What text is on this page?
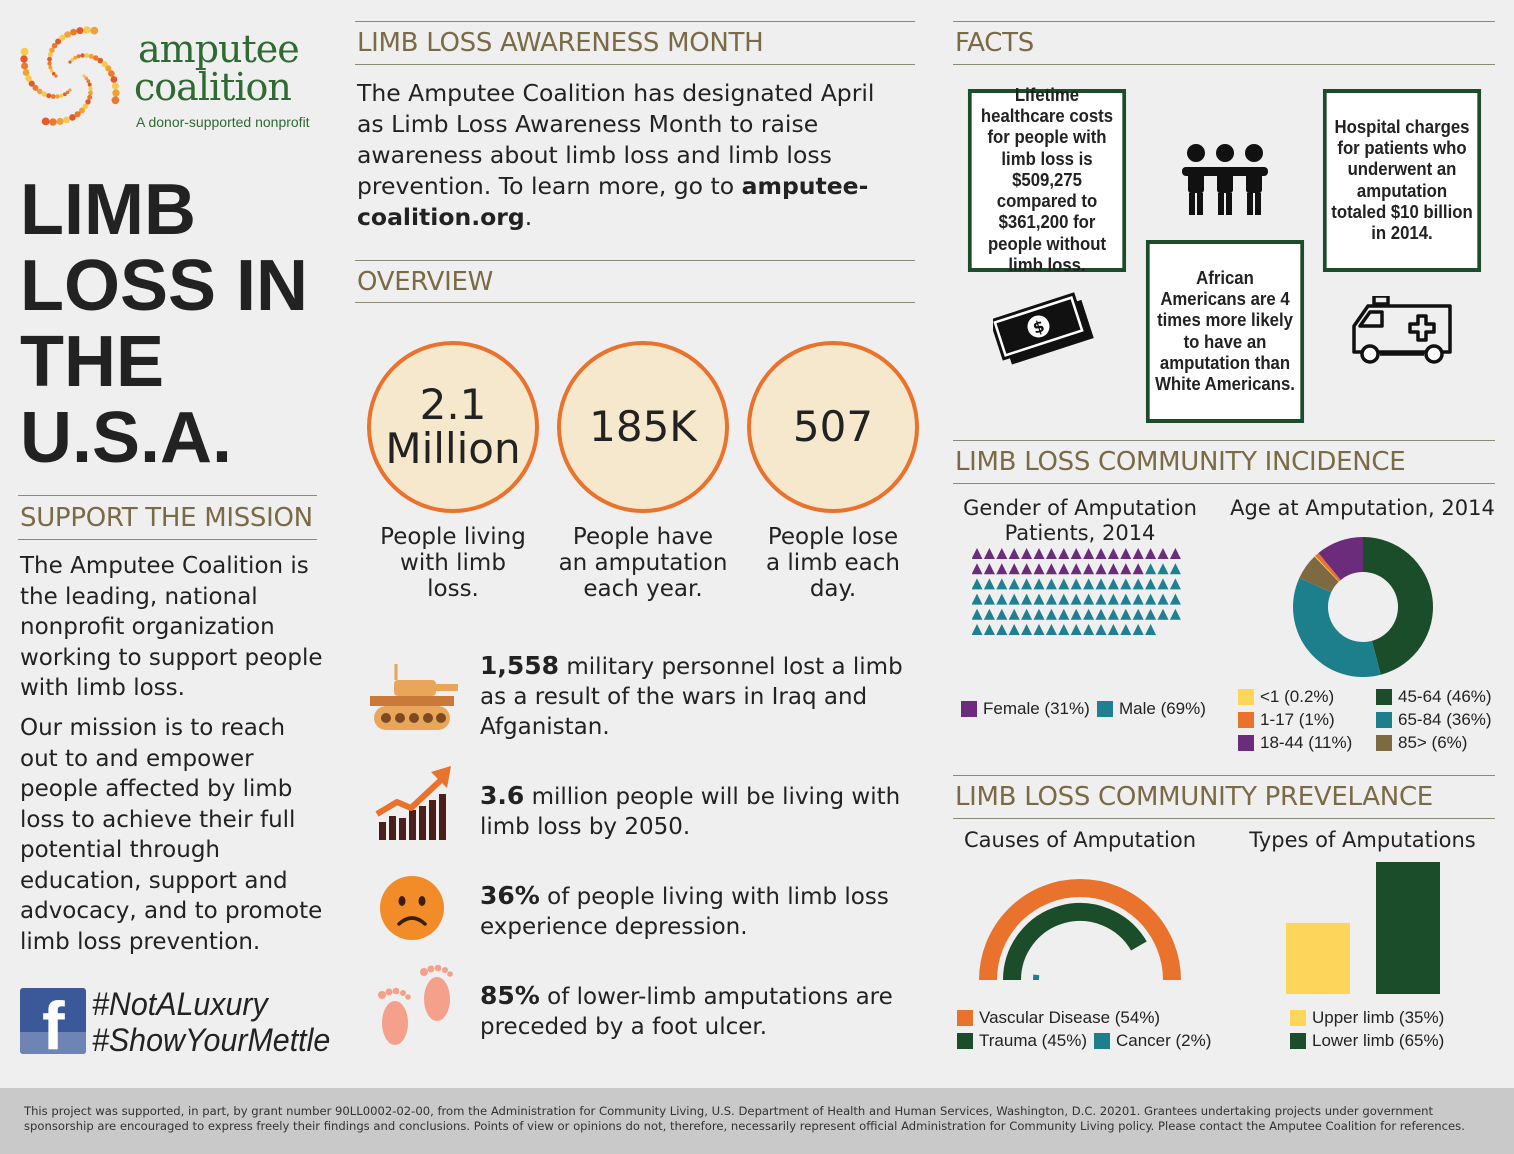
amputee
coalition
A donor-supported nonprofit
LIMB
LOSS IN
THE
U.S.A.
SUPPORT THE MISSION
The Amputee Coalition is the leading, national nonprofit organization working to support people with limb loss.
Our mission is to reach out to and empower people affected by limb loss to achieve their full potential through education, support and advocacy, and to promote limb loss prevention.
f #NotALuxury
#ShowYourMettle
LIMB LOSS AWARENESS MONTH
The Amputee Coalition has designated April as Limb Loss Awareness Month to raise awareness about limb loss and limb loss prevention. To learn more, go to amputee-coalition.org.
OVERVIEW
2.1
Million 185K 507
People living with limb loss.
People have an amputation each year.
People lose a limb each day.
1,558 military personnel lost a limb as a result of the wars in Iraq and Afganistan.
3.6 million people will be living with limb loss by 2050.
36% of people living with limb loss experience depression.
85% of lower-limb amputations are preceded by a foot ulcer.
FACTS
Lifetime healthcare costs for people with limb loss is $509,275 compared to $361,200 for people without limb loss.
African Americans are 4 times more likely to have an amputation than White Americans.
Hospital charges for patients who underwent an amputation totaled $10 billion in 2014.
$
LIMB LOSS COMMUNITY INCIDENCE
Gender of Amputation Patients, 2014
Female (31%) Male (69%)
Age at Amputation, 2014
<1 (0.2%)
1-17 (1%)
18-44 (11%)
45-64 (46%)
65-84 (36%)
85> (6%)
LIMB LOSS COMMUNITY PREVELANCE
Causes of Amputation
Vascular Disease (54%)
Trauma (45%) Cancer (2%)
Types of Amputations
Upper limb (35%)
Lower limb (65%)
This project was supported, in part, by grant number 90LL0002-02-00, from the Administration for Community Living, U.S. Department of Health and Human Services, Washington, D.C. 20201. Grantees undertaking projects under government sponsorship are encouraged to express freely their findings and conclusions. Points of view or opinions do not, therefore, necessarily represent official Administration for Community Living policy. Please contact the Amputee Coalition for references.
